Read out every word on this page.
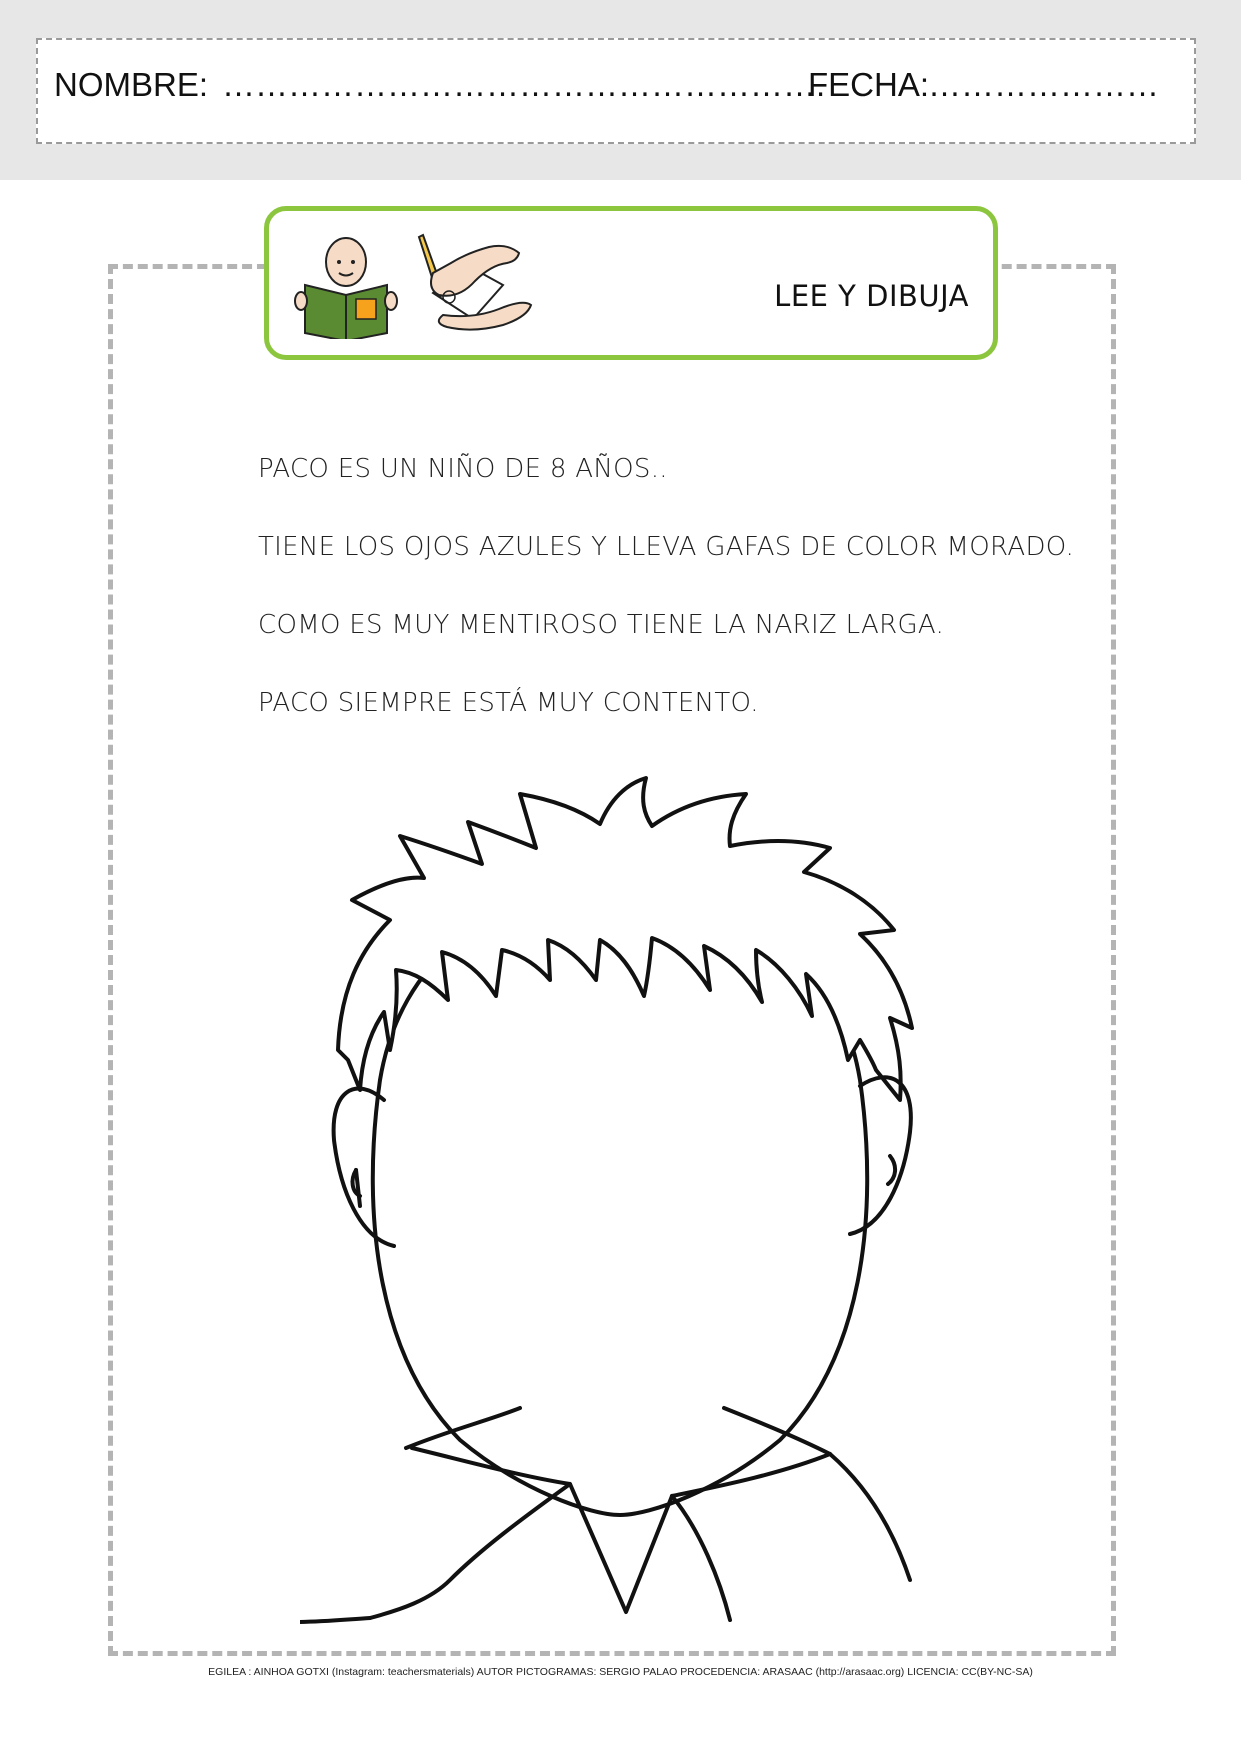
NOMBRE: ……………………………………………….
FECHA:
…………………
LEE Y DIBUJA
PACO ES UN NIÑO DE 8 AÑOS..
TIENE LOS OJOS AZULES Y LLEVA GAFAS DE COLOR MORADO.
COMO ES MUY MENTIROSO TIENE LA NARIZ LARGA.
PACO SIEMPRE ESTÁ MUY CONTENTO.
EGILEA : AINHOA GOTXI (Instagram: teachersmaterials) AUTOR PICTOGRAMAS: SERGIO PALAO PROCEDENCIA: ARASAAC (http://arasaac.org) LICENCIA: CC(BY-NC-SA)
